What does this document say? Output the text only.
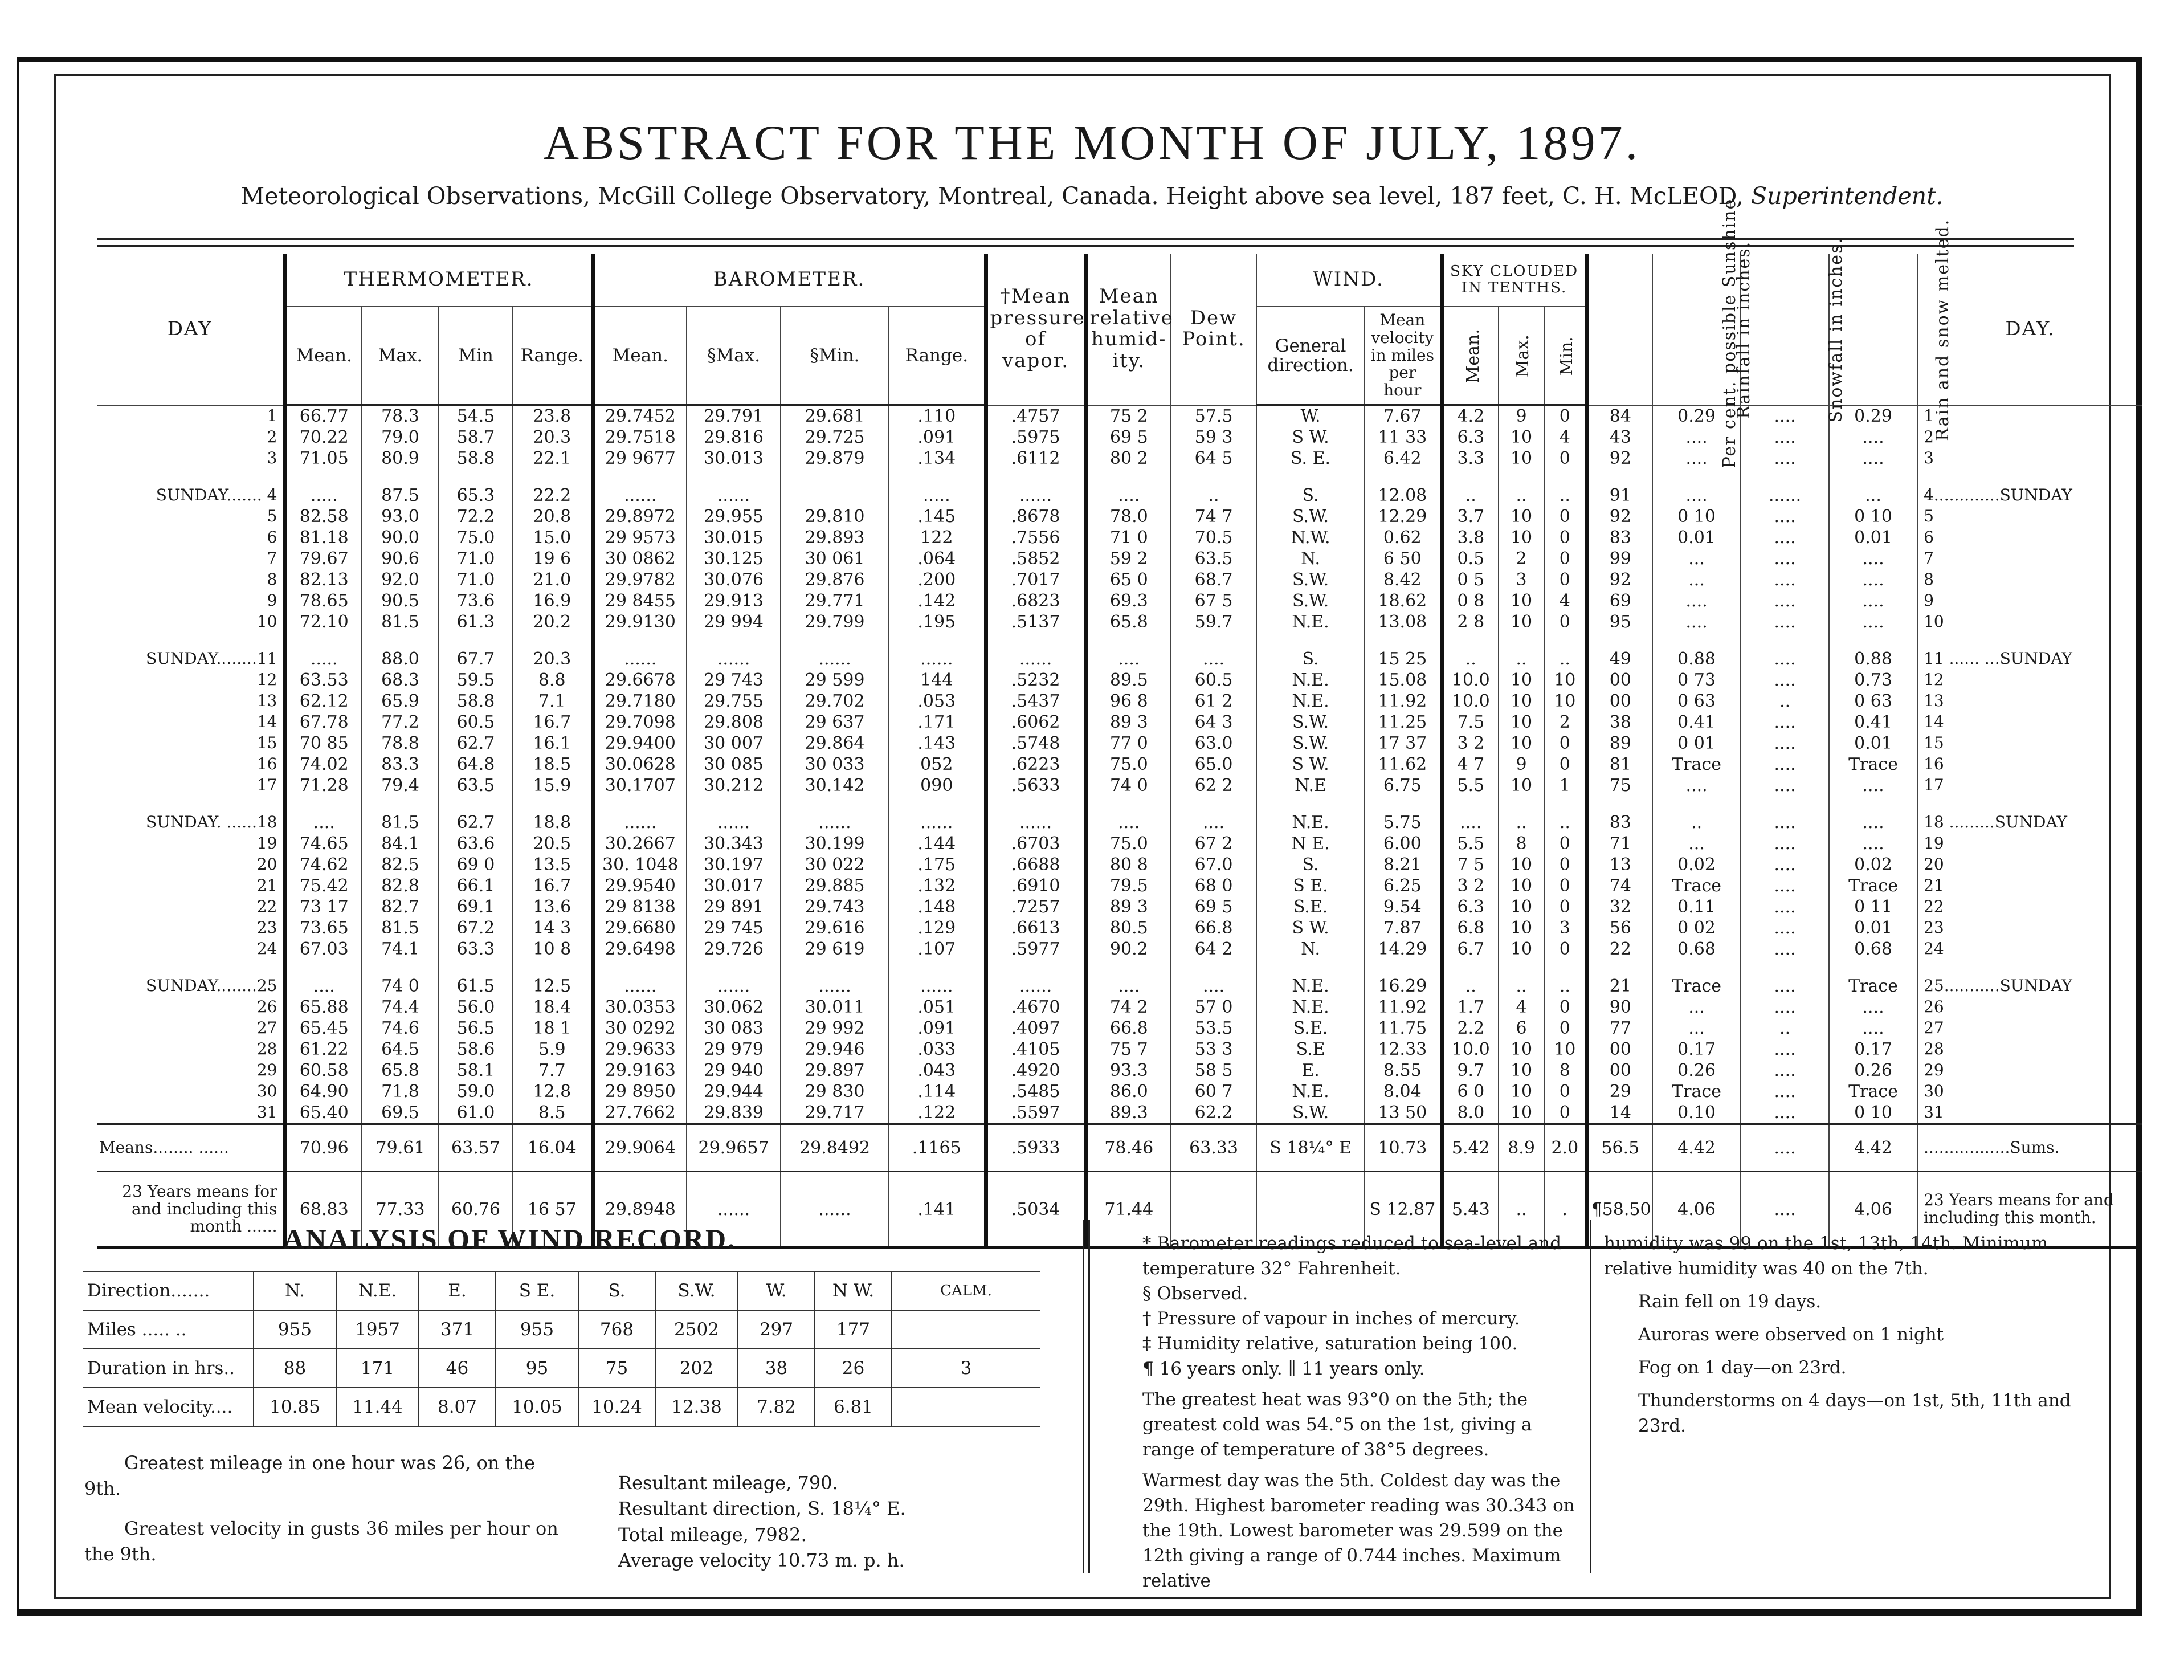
ABSTRACT FOR THE MONTH OF JULY, 1897.
Meteorological Observations, McGill College Observatory, Montreal, Canada. Height above sea level, 187 feet, C. H. McLEOD, Superintendent.
DAY	THERMOMETER.				BAROMETER.				†Mean pressure of vapor.	Mean relative humid-ity.	Dew Point.	WIND.		SKY CLOUDED IN TENTHS.			Per cent. possible Sunshine.	Rainfall in inches.	Snowfall in inches.	Rain and snow melted.	DAY.
	Mean.	Max.	Min	Range.	Mean.	§Max.	§Min.	Range.				General direction.	Mean velocity in miles per hour	Mean.	Max.	Min.					
1	66.77	78.3	54.5	23.8	29.7452	29.791	29.681	.110	.4757	75 2	57.5	W.	7.67	4.2	9	0	84	0.29	....	0.29	1
2	70.22	79.0	58.7	20.3	29.7518	29.816	29.725	.091	.5975	69 5	59 3	S W.	11 33	6.3	10	4	43	....	....	....	2
3	71.05	80.9	58.8	22.1	29 9677	30.013	29.879	.134	.6112	80 2	64 5	S. E.	6.42	3.3	10	0	92	....	....	....	3

SUNDAY....... 4	.....	87.5	65.3	22.2	......	......		.....	......	....	..	S.	12.08	..	..	..	91	....	......	...	4.............SUNDAY
5	82.58	93.0	72.2	20.8	29.8972	29.955	29.810	.145	.8678	78.0	74 7	S.W.	12.29	3.7	10	0	92	0 10	....	0 10	5
6	81.18	90.0	75.0	15.0	29 9573	30.015	29.893	122	.7556	71 0	70.5	N.W.	0.62	3.8	10	0	83	0.01	....	0.01	6
7	79.67	90.6	71.0	19 6	30 0862	30.125	30 061	.064	.5852	59 2	63.5	N.	6 50	0.5	2	0	99	...	....	....	7
8	82.13	92.0	71.0	21.0	29.9782	30.076	29.876	.200	.7017	65 0	68.7	S.W.	8.42	0 5	3	0	92	...	....	....	8
9	78.65	90.5	73.6	16.9	29 8455	29.913	29.771	.142	.6823	69.3	67 5	S.W.	18.62	0 8	10	4	69	....	....	....	9
10	72.10	81.5	61.3	20.2	29.9130	29 994	29.799	.195	.5137	65.8	59.7	N.E.	13.08	2 8	10	0	95	....	....	....	10

SUNDAY........11	.....	88.0	67.7	20.3	......	......	......	......	......	....	....	S.	15 25	..	..	..	49	0.88	....	0.88	11 ...... ...SUNDAY
12	63.53	68.3	59.5	8.8	29.6678	29 743	29 599	144	.5232	89.5	60.5	N.E.	15.08	10.0	10	10	00	0 73	....	0.73	12
13	62.12	65.9	58.8	7.1	29.7180	29.755	29.702	.053	.5437	96 8	61 2	N.E.	11.92	10.0	10	10	00	0 63	..	0 63	13
14	67.78	77.2	60.5	16.7	29.7098	29.808	29 637	.171	.6062	89 3	64 3	S.W.	11.25	7.5	10	2	38	0.41	....	0.41	14
15	70 85	78.8	62.7	16.1	29.9400	30 007	29.864	.143	.5748	77 0	63.0	S.W.	17 37	3 2	10	0	89	0 01	....	0.01	15
16	74.02	83.3	64.8	18.5	30.0628	30 085	30 033	052	.6223	75.0	65.0	S W.	11.62	4 7	9	0	81	Trace	....	Trace	16
17	71.28	79.4	63.5	15.9	30.1707	30.212	30.142	090	.5633	74 0	62 2	N.E	6.75	5.5	10	1	75	....	....	....	17

SUNDAY. ......18	....	81.5	62.7	18.8	......	......	......	......	......	....	....	N.E.	5.75	....	..	..	83	..	....	....	18 .........SUNDAY
19	74.65	84.1	63.6	20.5	30.2667	30.343	30.199	.144	.6703	75.0	67 2	N E.	6.00	5.5	8	0	71	...	....	....	19
20	74.62	82.5	69 0	13.5	30. 1048	30.197	30 022	.175	.6688	80 8	67.0	S.	8.21	7 5	10	0	13	0.02	....	0.02	20
21	75.42	82.8	66.1	16.7	29.9540	30.017	29.885	.132	.6910	79.5	68 0	S E.	6.25	3 2	10	0	74	Trace	....	Trace	21
22	73 17	82.7	69.1	13.6	29 8138	29 891	29.743	.148	.7257	89 3	69 5	S.E.	9.54	6.3	10	0	32	0.11	....	0 11	22
23	73.65	81.5	67.2	14 3	29.6680	29 745	29.616	.129	.6613	80.5	66.8	S W.	7.87	6.8	10	3	56	0 02	....	0.01	23
24	67.03	74.1	63.3	10 8	29.6498	29.726	29 619	.107	.5977	90.2	64 2	N.	14.29	6.7	10	0	22	0.68	....	0.68	24

SUNDAY........25	....	74 0	61.5	12.5	......	......	......	......	......	....	....	N.E.	16.29	..	..	..	21	Trace	....	Trace	25...........SUNDAY
26	65.88	74.4	56.0	18.4	30.0353	30.062	30.011	.051	.4670	74 2	57 0	N.E.	11.92	1.7	4	0	90	...	....	....	26
27	65.45	74.6	56.5	18 1	30 0292	30 083	29 992	.091	.4097	66.8	53.5	S.E.	11.75	2.2	6	0	77	...	..	....	27
28	61.22	64.5	58.6	5.9	29.9633	29 979	29.946	.033	.4105	75 7	53 3	S.E	12.33	10.0	10	10	00	0.17	....	0.17	28
29	60.58	65.8	58.1	7.7	29.9163	29 940	29.897	.043	.4920	93.3	58 5	E.	8.55	9.7	10	8	00	0.26	....	0.26	29
30	64.90	71.8	59.0	12.8	29 8950	29.944	29 830	.114	.5485	86.0	60 7	N.E.	8.04	6 0	10	0	29	Trace	....	Trace	30
31	65.40	69.5	61.0	8.5	27.7662	29.839	29.717	.122	.5597	89.3	62.2	S.W.	13 50	8.0	10	0	14	0.10	....	0 10	31
Means........ ......	70.96	79.61	63.57	16.04	29.9064	29.9657	29.8492	.1165	.5933	78.46	63.33	S 18¼° E	10.73	5.42	8.9	2.0	56.5	4.42	....	4.42	.................Sums.
23 Years means for and including this month ......	68.83	77.33	60.76	16 57	29.8948	......	......	.141	.5034	71.44			S 12.87	5.43	..	.	¶58.50	4.06	....	4.06	23 Years means for and including this month.
ANALYSIS OF WIND RECORD.
Direction.......	N.	N.E.	E.	S E.	S.	S.W.	W.	N W.	CALM.
Miles ..... ..	955	1957	371	955	768	2502	297	177	
Duration in hrs..	88	171	46	95	75	202	38	26	3
Mean velocity....	10.85	11.44	8.07	10.05	10.24	12.38	7.82	6.81	
Greatest mileage in one hour was 26, on the 9th.
Greatest velocity in gusts 36 miles per hour on the 9th.
Resultant mileage, 790.
Resultant direction, S. 18¼° E.
Total mileage, 7982.
Average velocity 10.73 m. p. h.
* Barometer readings reduced to sea-level and temperature 32° Fahrenheit.
§ Observed.
† Pressure of vapour in inches of mercury.
‡ Humidity relative, saturation being 100.
¶ 16 years only. ∥ 11 years only.
The greatest heat was 93°0 on the 5th; the greatest cold was 54.°5 on the 1st, giving a range of temperature of 38°5 degrees.
Warmest day was the 5th. Coldest day was the 29th. Highest barometer reading was 30.343 on the 19th. Lowest barometer was 29.599 on the 12th giving a range of 0.744 inches. Maximum relative
humidity was 99 on the 1st, 13th, 14th. Minimum relative humidity was 40 on the 7th.
Rain fell on 19 days.
Auroras were observed on 1 night
Fog on 1 day—on 23rd.
Thunderstorms on 4 days—on 1st, 5th, 11th and 23rd.
